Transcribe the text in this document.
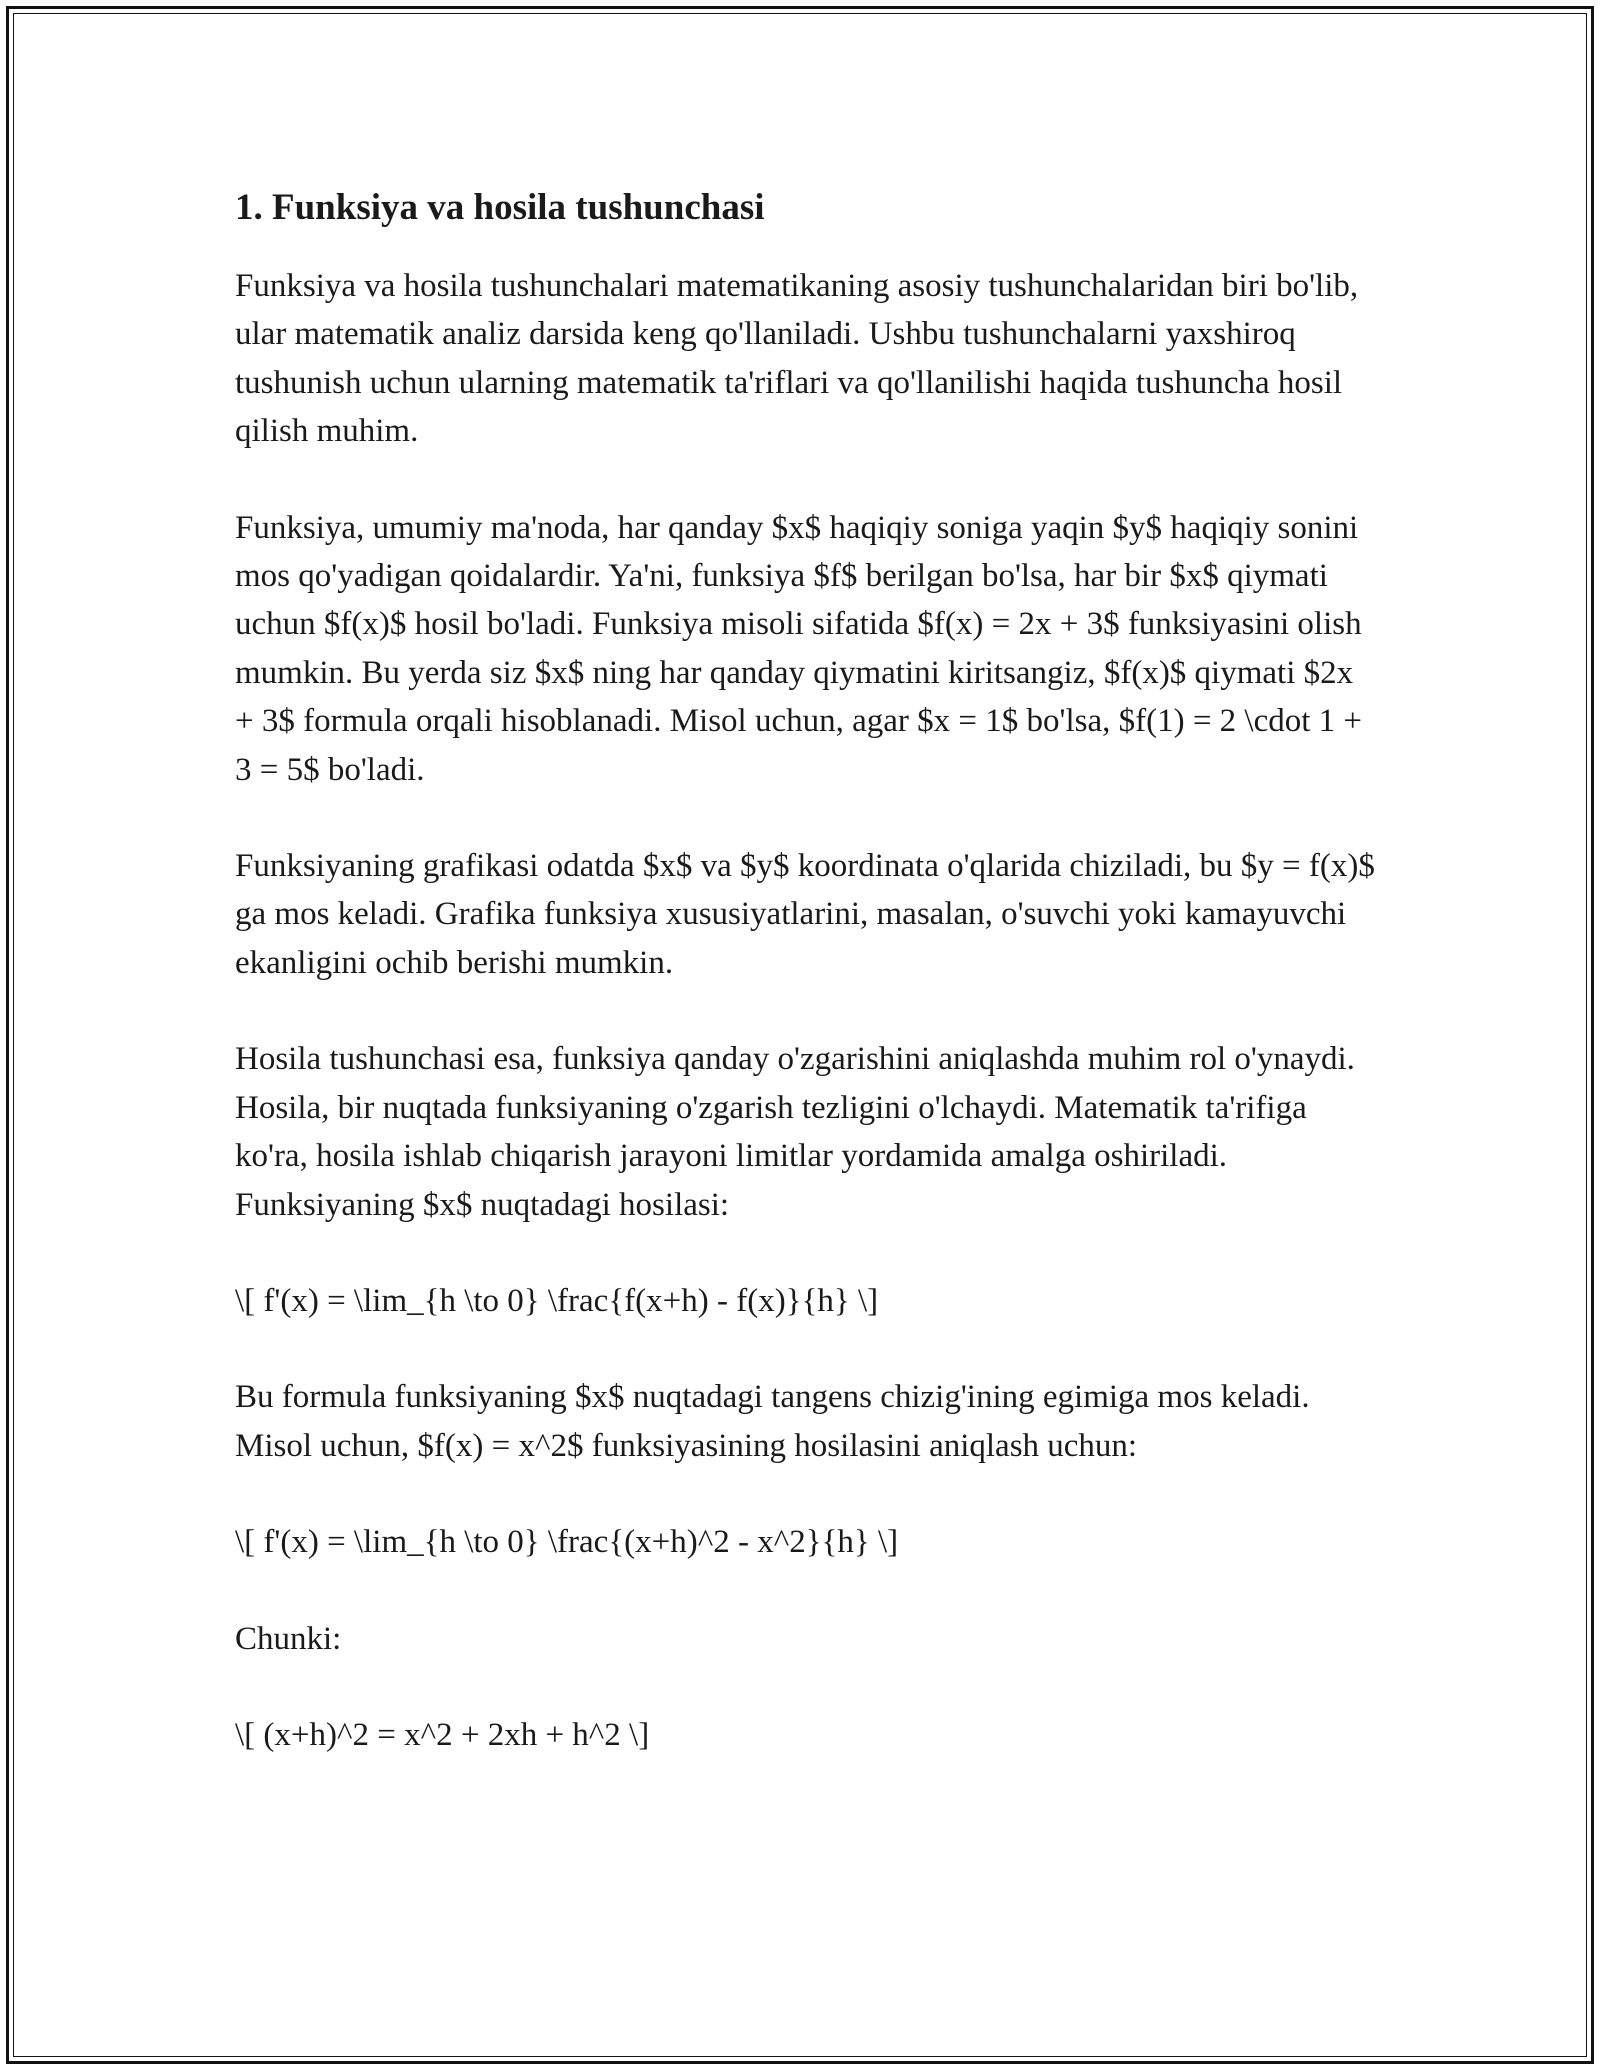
1. Funksiya va hosila tushunchasi

Funksiya va hosila tushunchalari matematikaning asosiy tushunchalaridan biri bo'lib, ular matematik analiz darsida keng qo'llaniladi. Ushbu tushunchalarni yaxshiroq tushunish uchun ularning matematik ta'riflari va qo'llanilishi haqida tushuncha hosil qilish muhim.

Funksiya, umumiy ma'noda, har qanday $x$ haqiqiy soniga yaqin $y$ haqiqiy sonini mos qo'yadigan qoidalardir. Ya'ni, funksiya $f$ berilgan bo'lsa, har bir $x$ qiymati uchun $f(x)$ hosil bo'ladi. Funksiya misoli sifatida $f(x) = 2x + 3$ funksiyasini olish mumkin. Bu yerda siz $x$ ning har qanday qiymatini kiritsangiz, $f(x)$ qiymati $2x + 3$ formula orqali hisoblanadi. Misol uchun, agar $x = 1$ bo'lsa, $f(1) = 2 \cdot 1 + 3 = 5$ bo'ladi.

Funksiyaning grafikasi odatda $x$ va $y$ koordinata o'qlarida chiziladi, bu $y = f(x)$ ga mos keladi. Grafika funksiya xususiyatlarini, masalan, o'suvchi yoki kamayuvchi ekanligini ochib berishi mumkin.

Hosila tushunchasi esa, funksiya qanday o'zgarishini aniqlashda muhim rol o'ynaydi. Hosila, bir nuqtada funksiyaning o'zgarish tezligini o'lchaydi. Matematik ta'rifiga ko'ra, hosila ishlab chiqarish jarayoni limitlar yordamida amalga oshiriladi. Funksiyaning $x$ nuqtadagi hosilasi:

\[ f'(x) = \lim_{h \to 0} \frac{f(x+h) - f(x)}{h} \]

Bu formula funksiyaning $x$ nuqtadagi tangens chizig'ining egimiga mos keladi. Misol uchun, $f(x) = x^2$ funksiyasining hosilasini aniqlash uchun:

\[ f'(x) = \lim_{h \to 0} \frac{(x+h)^2 - x^2}{h} \]

Chunki:

\[ (x+h)^2 = x^2 + 2xh + h^2 \]
